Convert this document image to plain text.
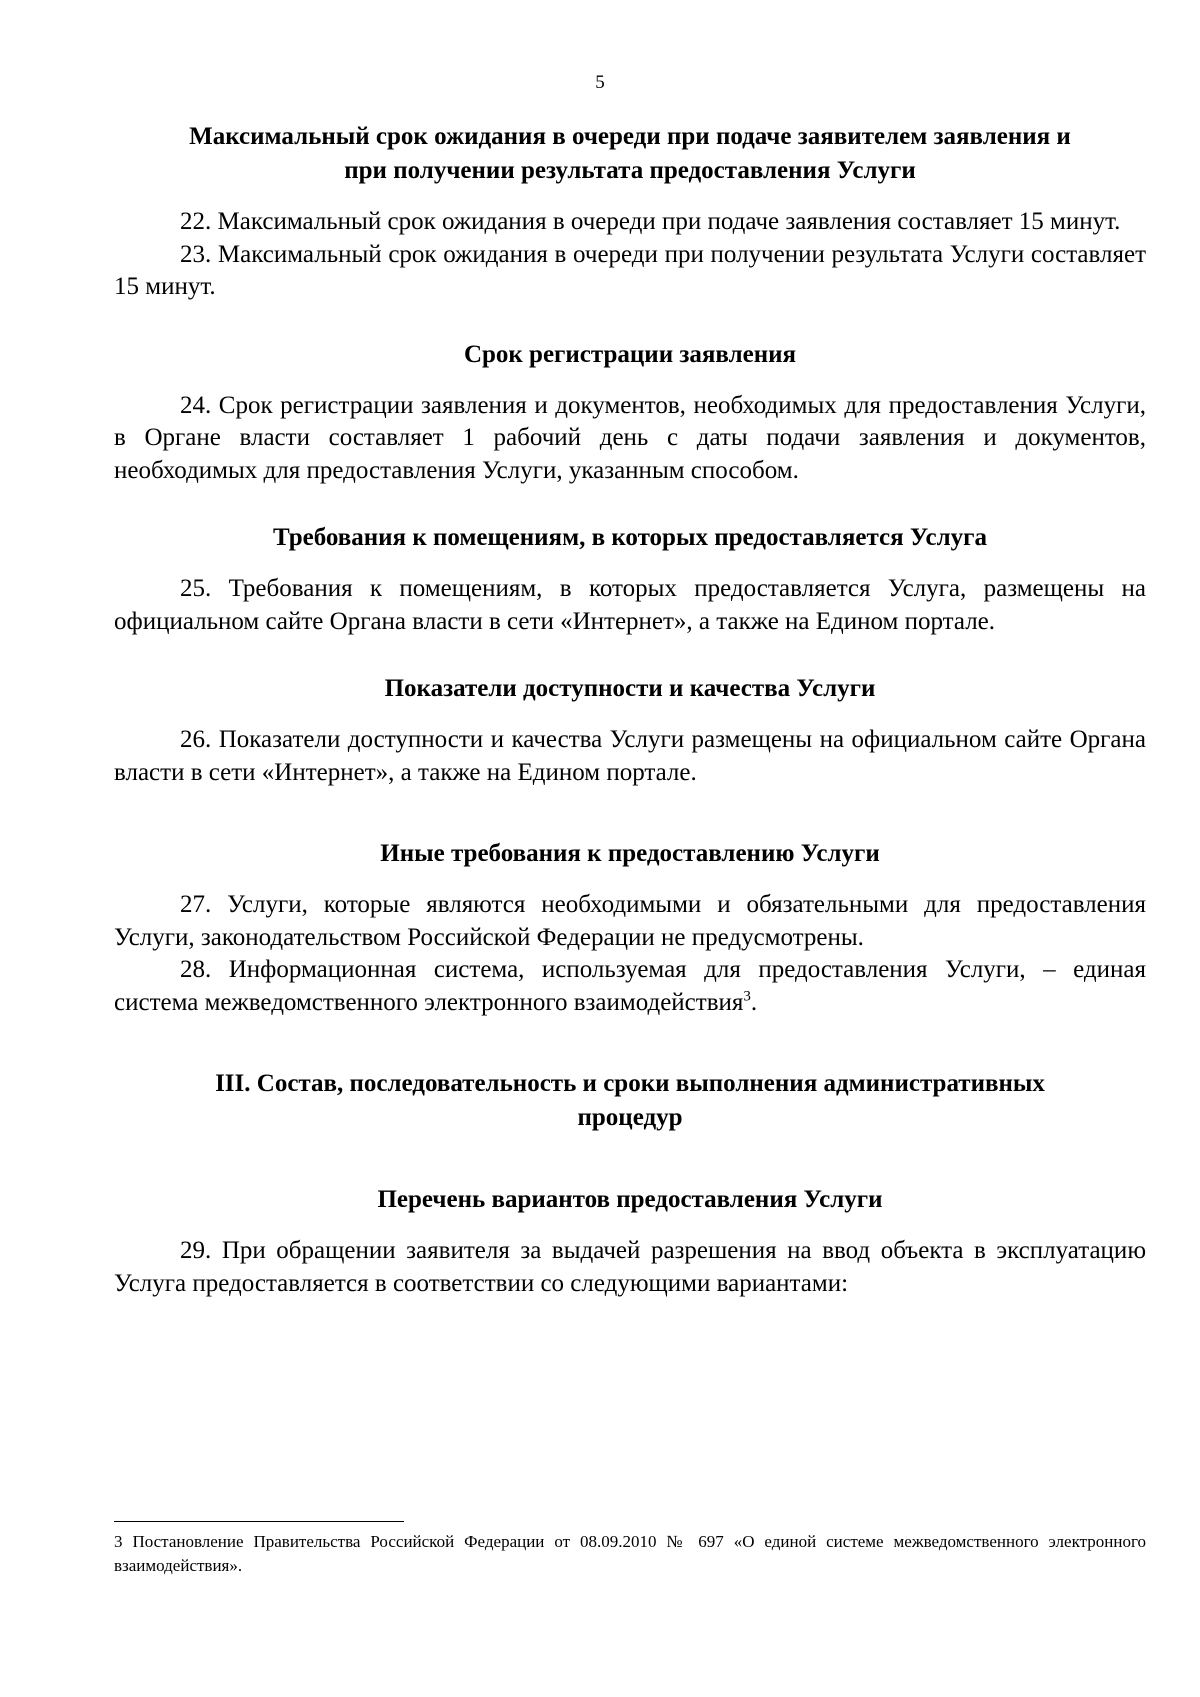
5

Максимальный срок ожидания в очереди при подаче заявителем заявления и

при получении результата предоставления Услуги

22. Максимальный срок ожидания в очереди при подаче заявления составляет 15 минут.

23. Максимальный срок ожидания в очереди при получении результата Услуги составляет 15 минут.

Срок регистрации заявления

24. Срок регистрации заявления и документов, необходимых для предоставления Услуги, в Органе власти составляет 1 рабочий день с даты подачи заявления и документов, необходимых для предоставления Услуги, указанным способом.

Требования к помещениям, в которых предоставляется Услуга

25. Требования к помещениям, в которых предоставляется Услуга, размещены на официальном сайте Органа власти в сети «Интернет», а также на Едином портале.

Показатели доступности и качества Услуги

26. Показатели доступности и качества Услуги размещены на официальном сайте Органа власти в сети «Интернет», а также на Едином портале.

Иные требования к предоставлению Услуги

27. Услуги, которые являются необходимыми и обязательными для предоставления Услуги, законодательством Российской Федерации не предусмотрены.

28. Информационная система, используемая для предоставления Услуги, – единая система межведомственного электронного взаимодействия$^3$.

III. Состав, последовательность и сроки выполнения административных

процедур

Перечень вариантов предоставления Услуги

29. При обращении заявителя за выдачей разрешения на ввод объекта в эксплуатацию Услуга предоставляется в соответствии со следующими вариантами:

3 Постановление Правительства Российской Федерации от 08.09.2010 № 697 «О единой системе межведомственного электронного взаимодействия».
